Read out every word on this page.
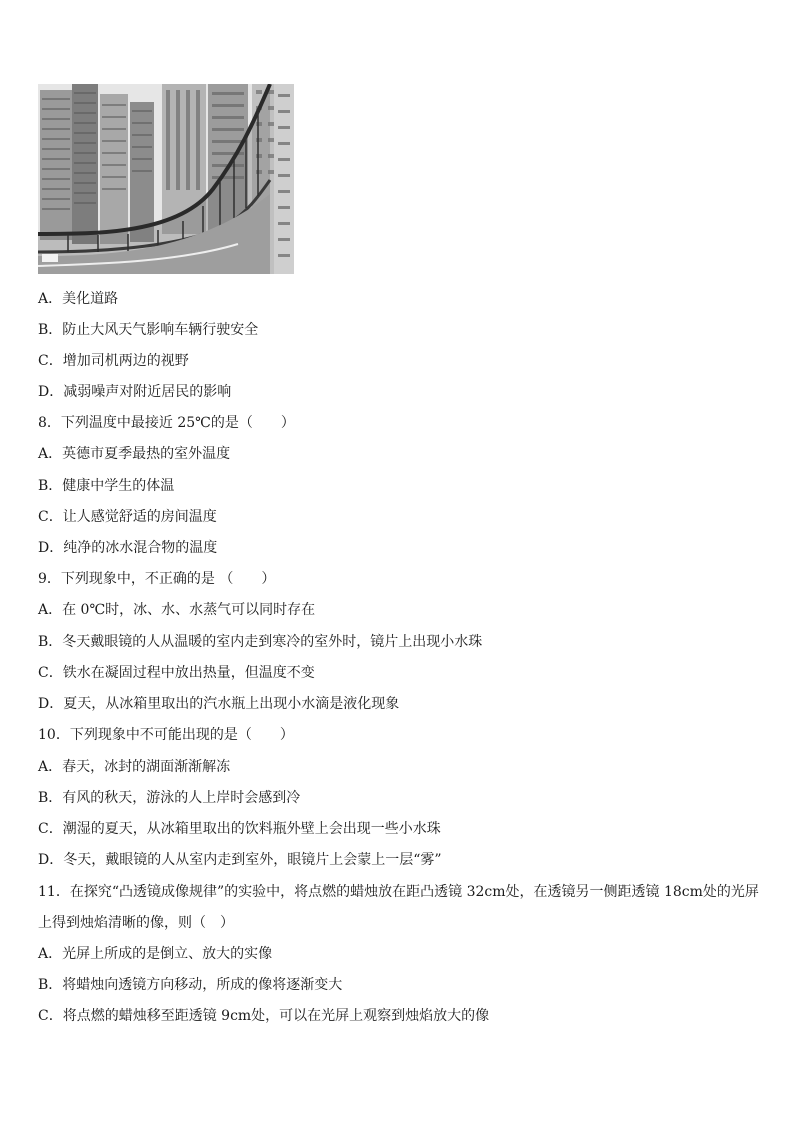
A．美化道路
B．防止大风天气影响车辆行驶安全
C．增加司机两边的视野
D．减弱噪声对附近居民的影响
8．下列温度中最接近 25℃的是（　　）
A．英德市夏季最热的室外温度
B．健康中学生的体温
C．让人感觉舒适的房间温度
D．纯净的冰水混合物的温度
9．下列现象中，不正确的是 （　　）
A．在 0℃时，冰、水、水蒸气可以同时存在
B．冬天戴眼镜的人从温暖的室内走到寒冷的室外时，镜片上出现小水珠
C．铁水在凝固过程中放出热量，但温度不变
D．夏天，从冰箱里取出的汽水瓶上出现小水滴是液化现象
10．下列现象中不可能出现的是（　　）
A．春天，冰封的湖面渐渐解冻
B．有风的秋天，游泳的人上岸时会感到冷
C．潮湿的夏天，从冰箱里取出的饮料瓶外壁上会出现一些小水珠
D．冬天，戴眼镜的人从室内走到室外，眼镜片上会蒙上一层“雾”
11．在探究“凸透镜成像规律”的实验中，将点燃的蜡烛放在距凸透镜 32cm处，在透镜另一侧距透镜 18cm处的光屏
上得到烛焰清晰的像，则（　）
A．光屏上所成的是倒立、放大的实像
B．将蜡烛向透镜方向移动，所成的像将逐渐变大
C．将点燃的蜡烛移至距透镜 9cm处，可以在光屏上观察到烛焰放大的像
